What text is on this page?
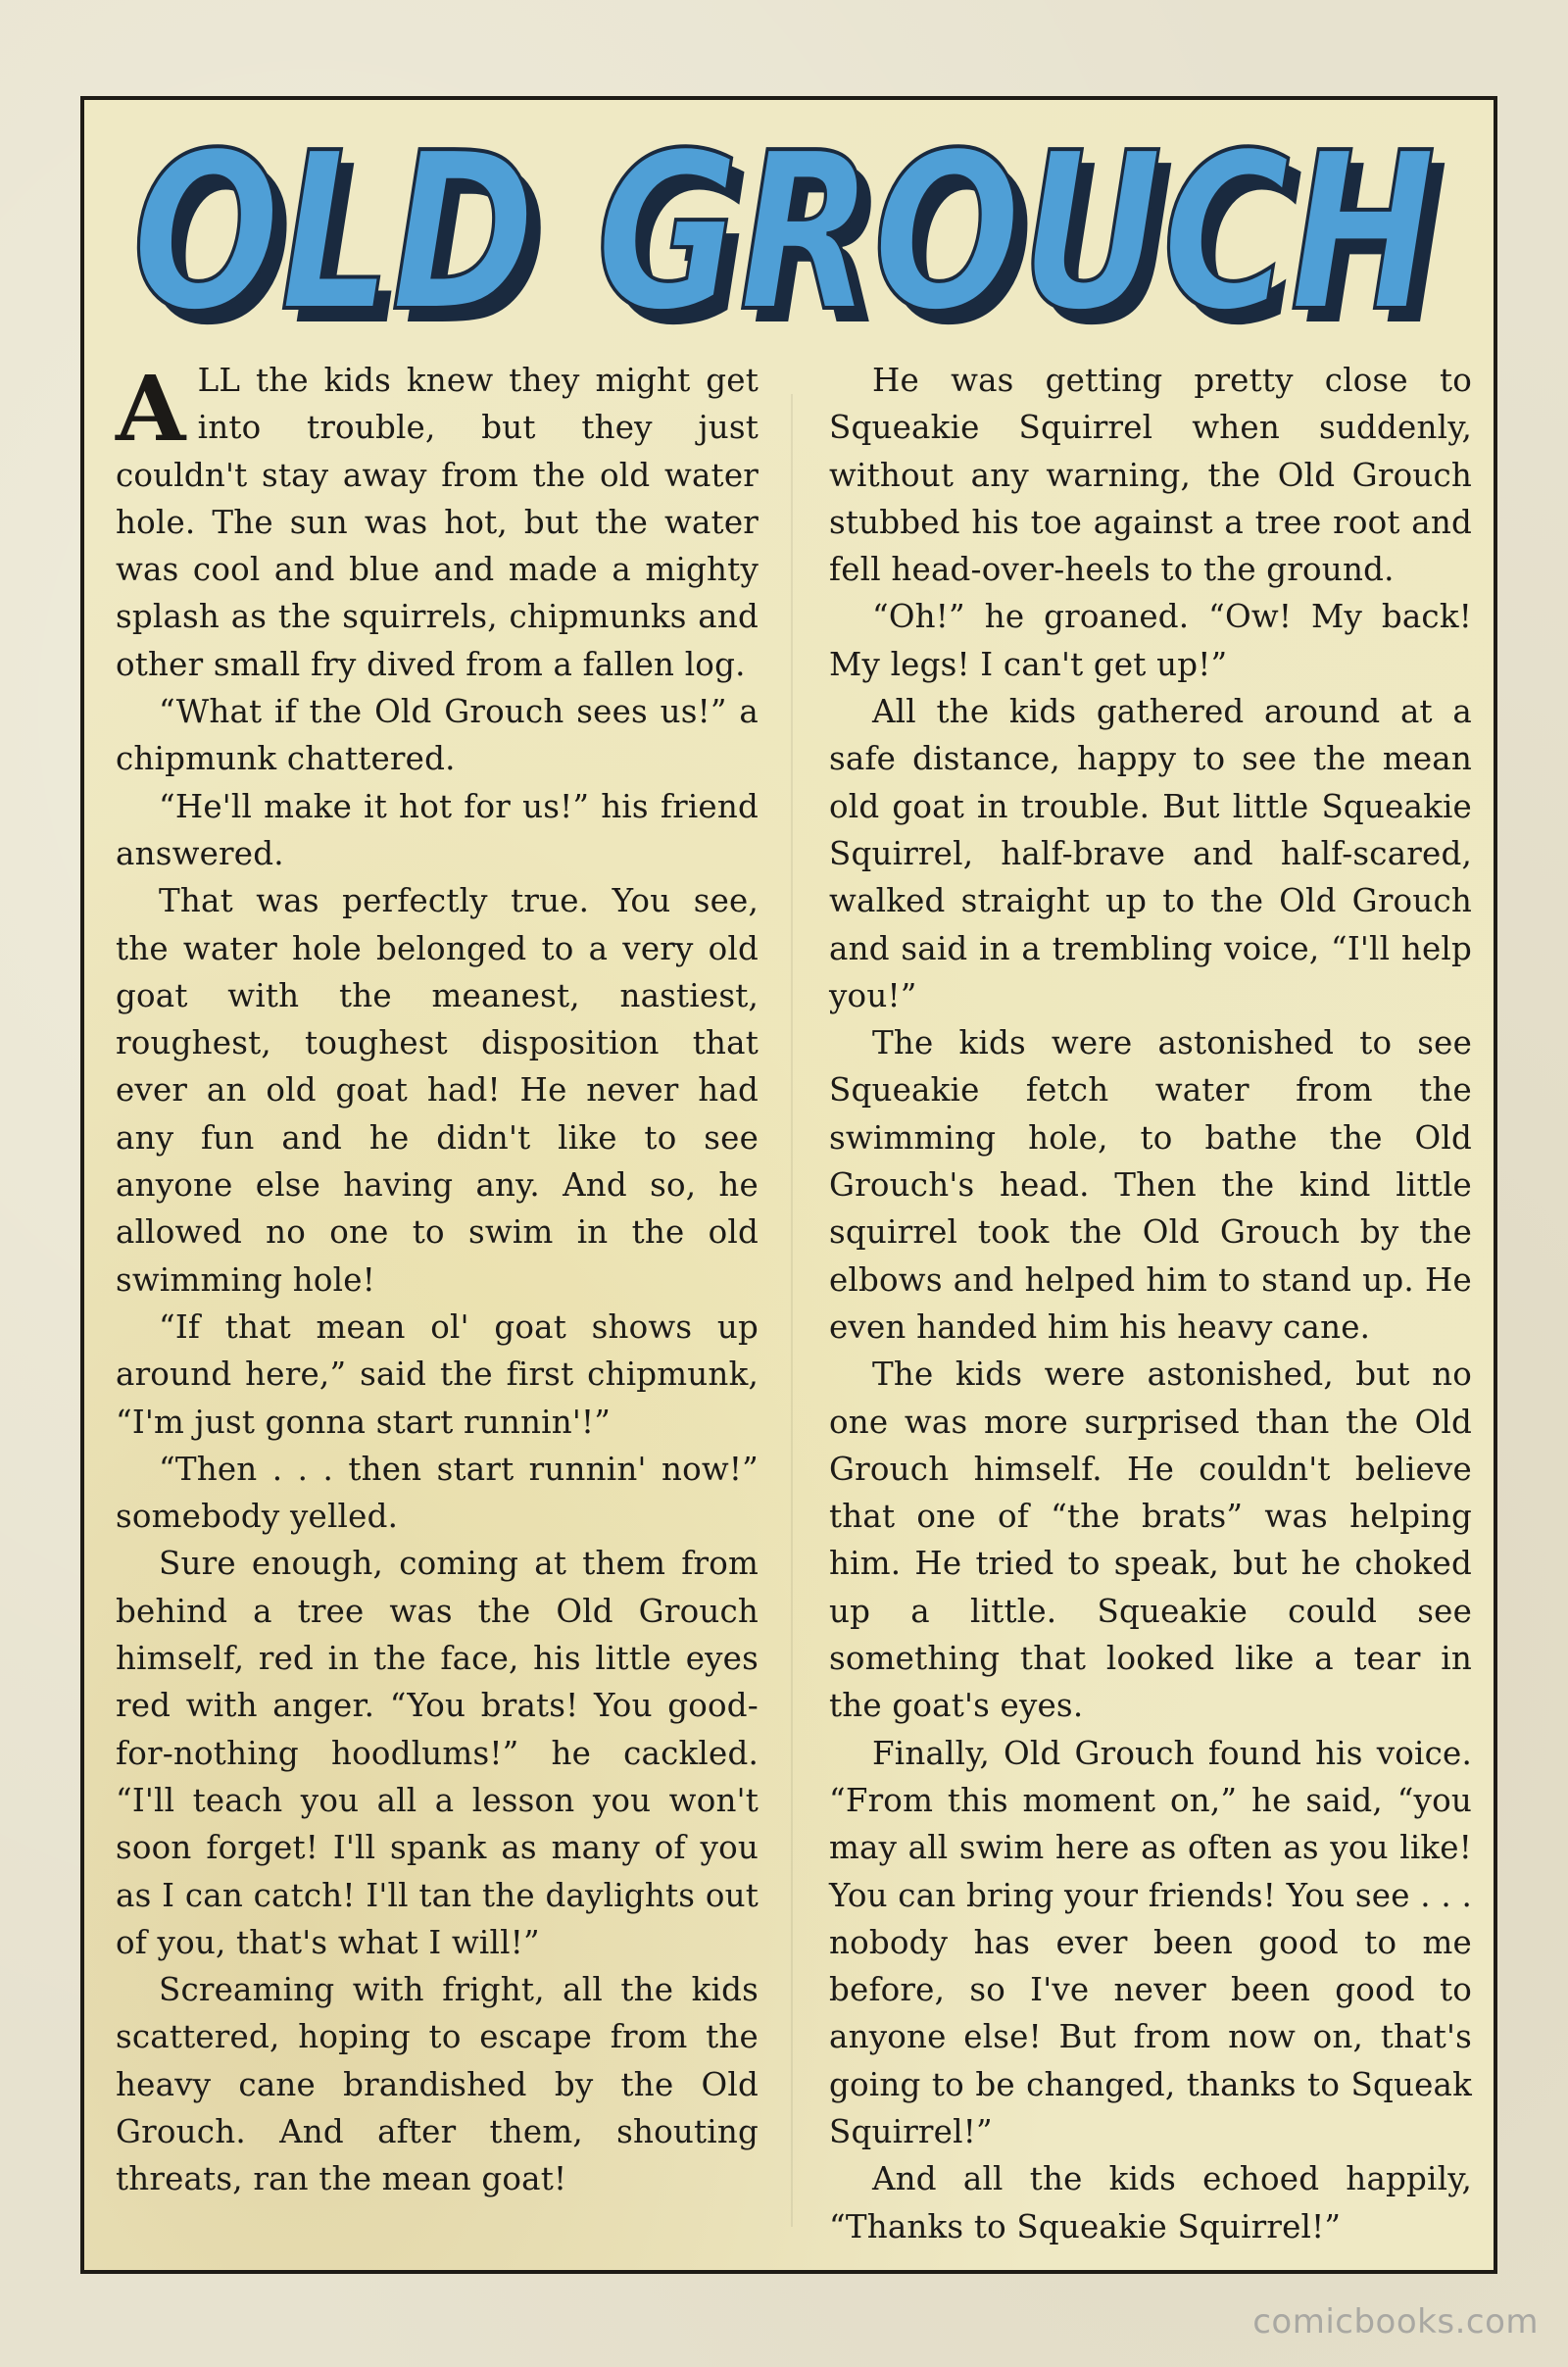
OLD GROUCH
OLD GROUCH

ALL the kids knew they might get into trouble, but they just couldn't stay away from the old water hole. The sun was hot, but the water was cool and blue and made a mighty splash as the squirrels, chipmunks and other small fry dived from a fallen log.

“What if the Old Grouch sees us!” a chipmunk chattered.

“He'll make it hot for us!” his friend answered.

That was perfectly true. You see, the water hole belonged to a very old goat with the meanest, nastiest, roughest, toughest disposition that ever an old goat had! He never had any fun and he didn't like to see anyone else having any. And so, he allowed no one to swim in the old swimming hole!

“If that mean ol' goat shows up around here,” said the first chipmunk, “I'm just gonna start runnin'!”

“Then . . . then start runnin' now!” somebody yelled.

Sure enough, coming at them from behind a tree was the Old Grouch himself, red in the face, his little eyes red with anger. “You brats! You good-for-nothing hoodlums!” he cackled. “I'll teach you all a lesson you won't soon forget! I'll spank as many of you as I can catch! I'll tan the daylights out of you, that's what I will!”

Screaming with fright, all the kids scattered, hoping to escape from the heavy cane brandished by the Old Grouch. And after them, shouting threats, ran the mean goat!

He was getting pretty close to Squeakie Squirrel when suddenly, without any warning, the Old Grouch stubbed his toe against a tree root and fell head-over-heels to the ground.

“Oh!” he groaned. “Ow! My back! My legs! I can't get up!”

All the kids gathered around at a safe distance, happy to see the mean old goat in trouble. But little Squeakie Squirrel, half-brave and half-scared, walked straight up to the Old Grouch and said in a trembling voice, “I'll help you!”

The kids were astonished to see Squeakie fetch water from the swimming hole, to bathe the Old Grouch's head. Then the kind little squirrel took the Old Grouch by the elbows and helped him to stand up. He even handed him his heavy cane.

The kids were astonished, but no one was more surprised than the Old Grouch himself. He couldn't believe that one of “the brats” was helping him. He tried to speak, but he choked up a little. Squeakie could see something that looked like a tear in the goat's eyes.

Finally, Old Grouch found his voice. “From this moment on,” he said, “you may all swim here as often as you like! You can bring your friends! You see . . . nobody has ever been good to me before, so I've never been good to anyone else! But from now on, that's going to be changed, thanks to Squeak Squirrel!”

And all the kids echoed happily, “Thanks to Squeakie Squirrel!”

comicbooks.com
